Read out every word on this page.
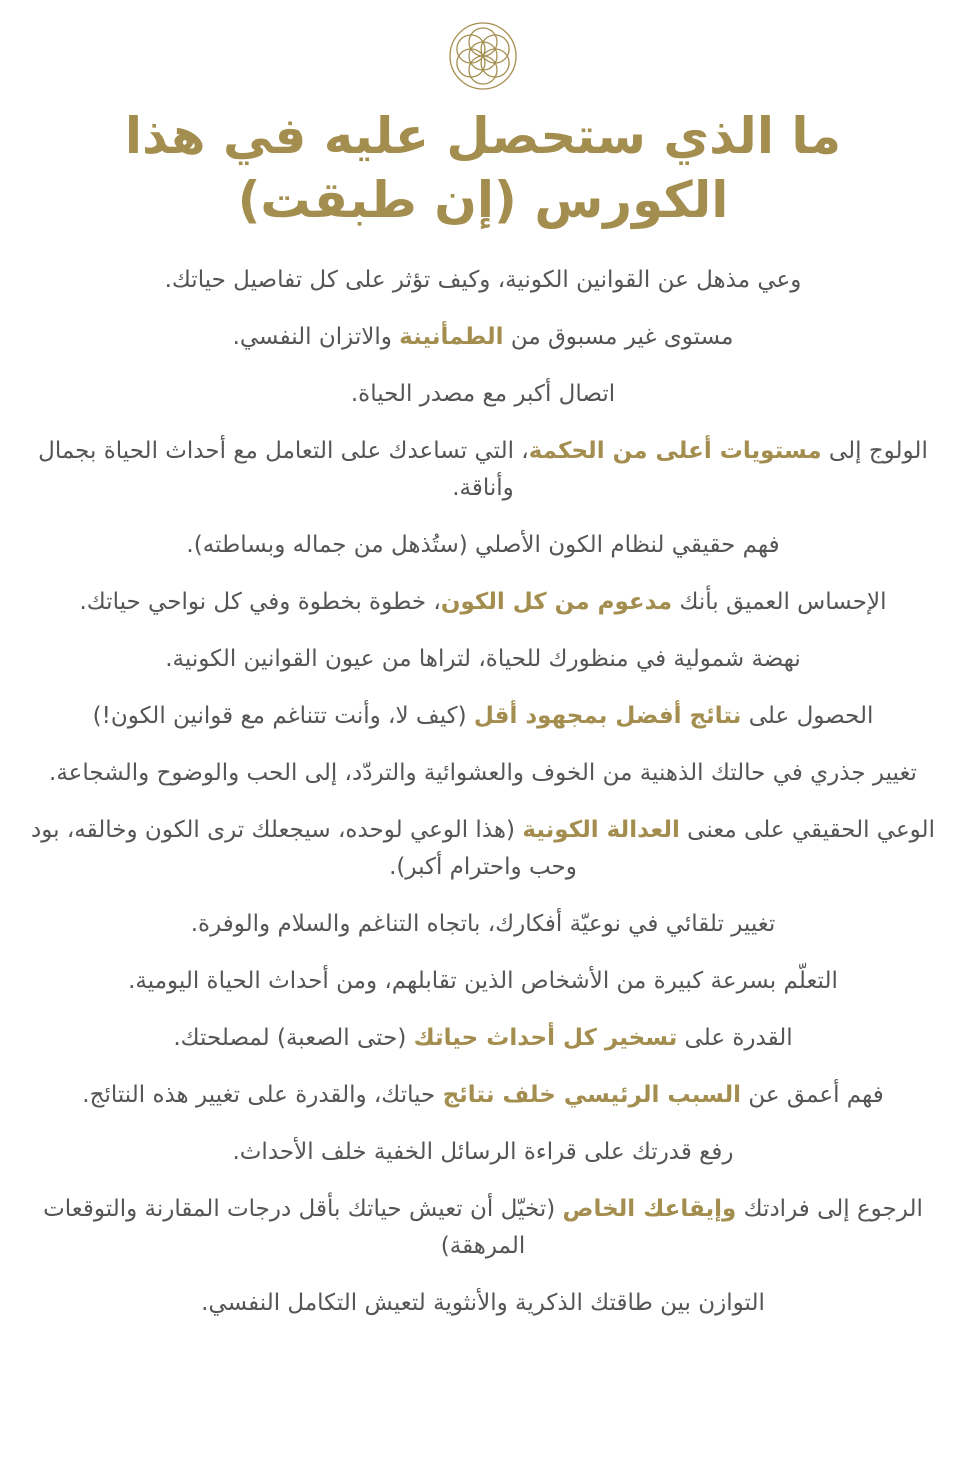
ما الذي ستحصل عليه في هذا الكورس (إن طبقت)
وعي مذهل عن القوانين الكونية، وكيف تؤثر على كل تفاصيل حياتك.
مستوى غير مسبوق من الطمأنينة والاتزان النفسي.
اتصال أكبر مع مصدر الحياة.
الولوج إلى مستويات أعلى من الحكمة، التي تساعدك على التعامل مع أحداث الحياة بجمال وأناقة.
فهم حقيقي لنظام الكون الأصلي (ستُذهل من جماله وبساطته).
الإحساس العميق بأنك مدعوم من كل الكون، خطوة بخطوة وفي كل نواحي حياتك.
نهضة شمولية في منظورك للحياة، لتراها من عيون القوانين الكونية.
الحصول على نتائج أفضل بمجهود أقل (كيف لا، وأنت تتناغم مع قوانين الكون!)
تغيير جذري في حالتك الذهنية من الخوف والعشوائية والتردّد، إلى الحب والوضوح والشجاعة.
الوعي الحقيقي على معنى العدالة الكونية (هذا الوعي لوحده، سيجعلك ترى الكون وخالقه، بود وحب واحترام أكبر).
تغيير تلقائي في نوعيّة أفكارك، باتجاه التناغم والسلام والوفرة.
التعلّم بسرعة كبيرة من الأشخاص الذين تقابلهم، ومن أحداث الحياة اليومية.
القدرة على تسخير كل أحداث حياتك (حتى الصعبة) لمصلحتك.
فهم أعمق عن السبب الرئيسي خلف نتائج حياتك، والقدرة على تغيير هذه النتائج.
رفع قدرتك على قراءة الرسائل الخفية خلف الأحداث.
الرجوع إلى فرادتك وإيقاعك الخاص (تخيّل أن تعيش حياتك بأقل درجات المقارنة والتوقعات المرهقة)
التوازن بين طاقتك الذكرية والأنثوية لتعيش التكامل النفسي.
